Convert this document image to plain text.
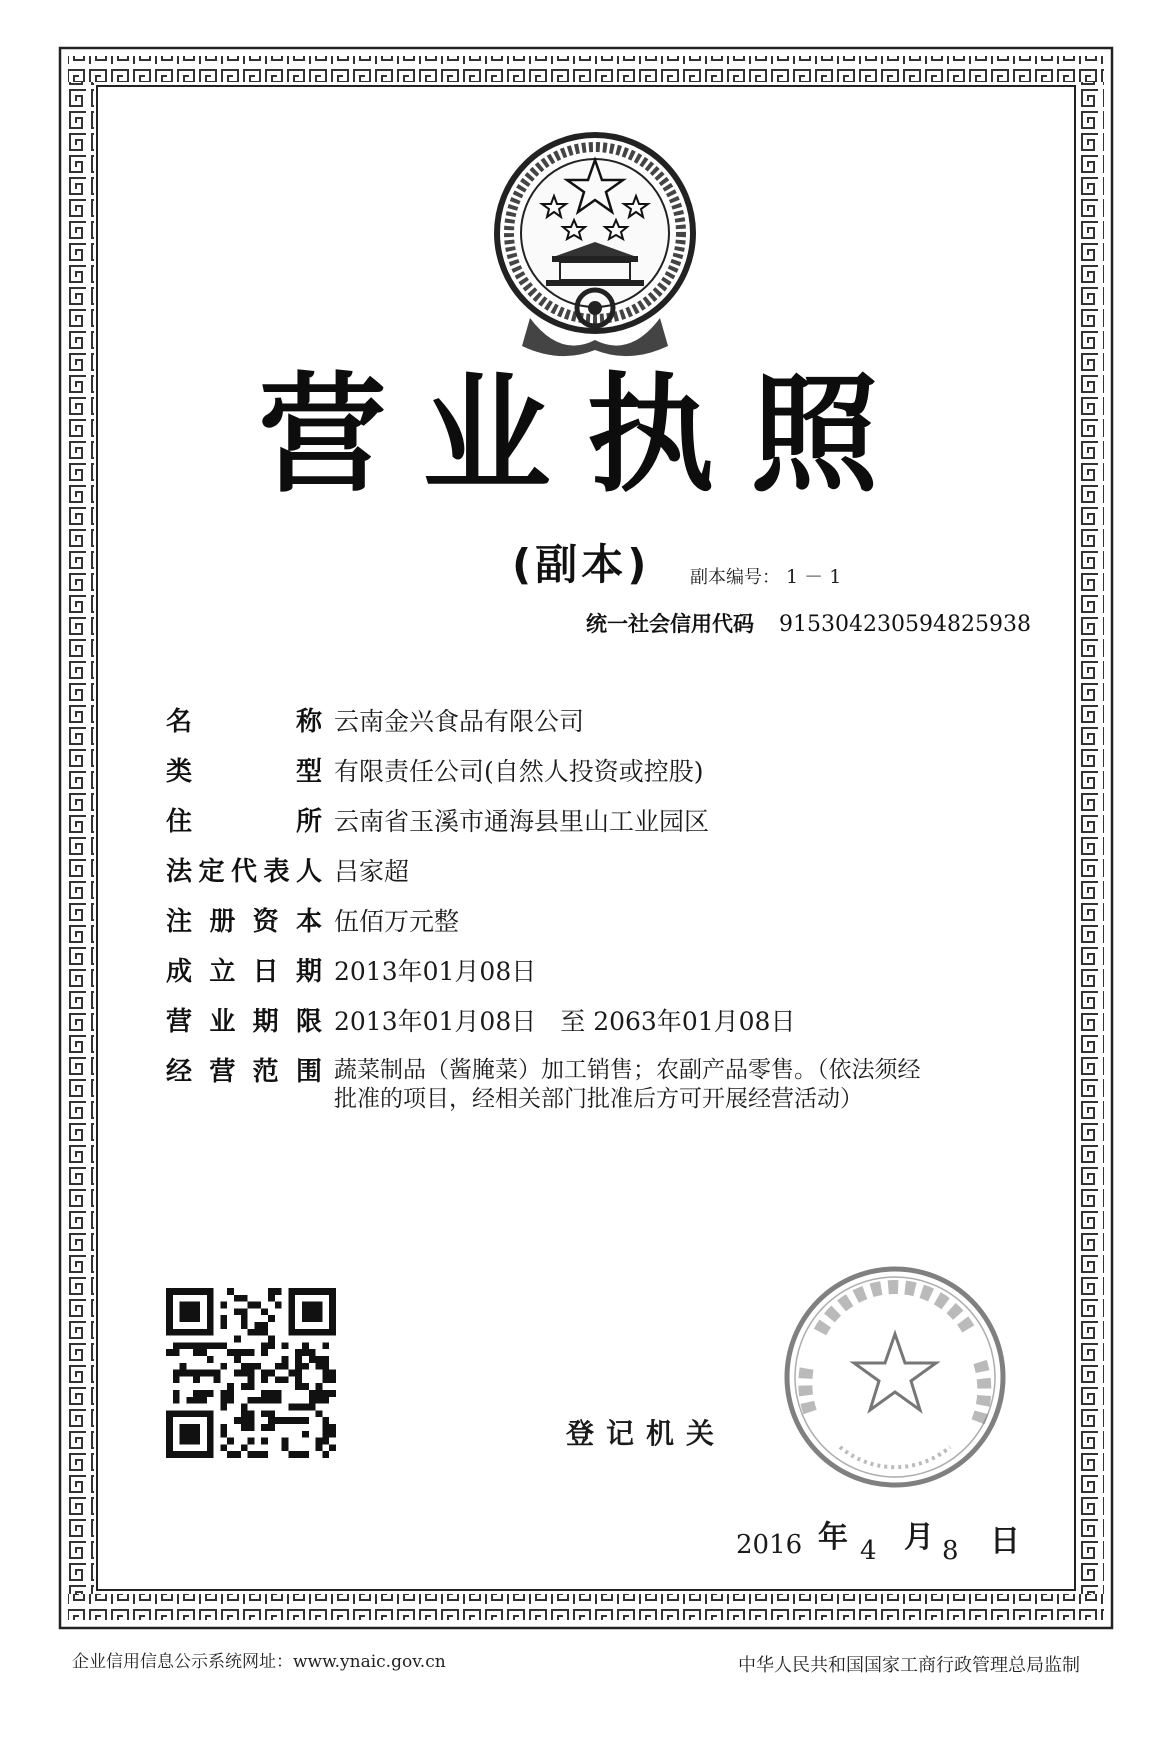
营业执照
(副本) 副本编号： 1 － 1
统一社会信用代码 915304230594825938
名称 云南金兴食品有限公司
类型 有限责任公司(自然人投资或控股)
住所 云南省玉溪市通海县里山工业园区
法定代表人 吕家超
注册资本 伍佰万元整
成立日期 2013年01月08日
营业期限 2013年01月08日 至 2063年01月08日
经营范围 蔬菜制品（酱腌菜）加工销售；农副产品零售。（依法须经
批准的项目，经相关部门批准后方可开展经营活动）
登记机关
2016 年 4 月 8 日
企业信用信息公示系统网址：www.ynaic.gov.cn	中华人民共和国国家工商行政管理总局监制
